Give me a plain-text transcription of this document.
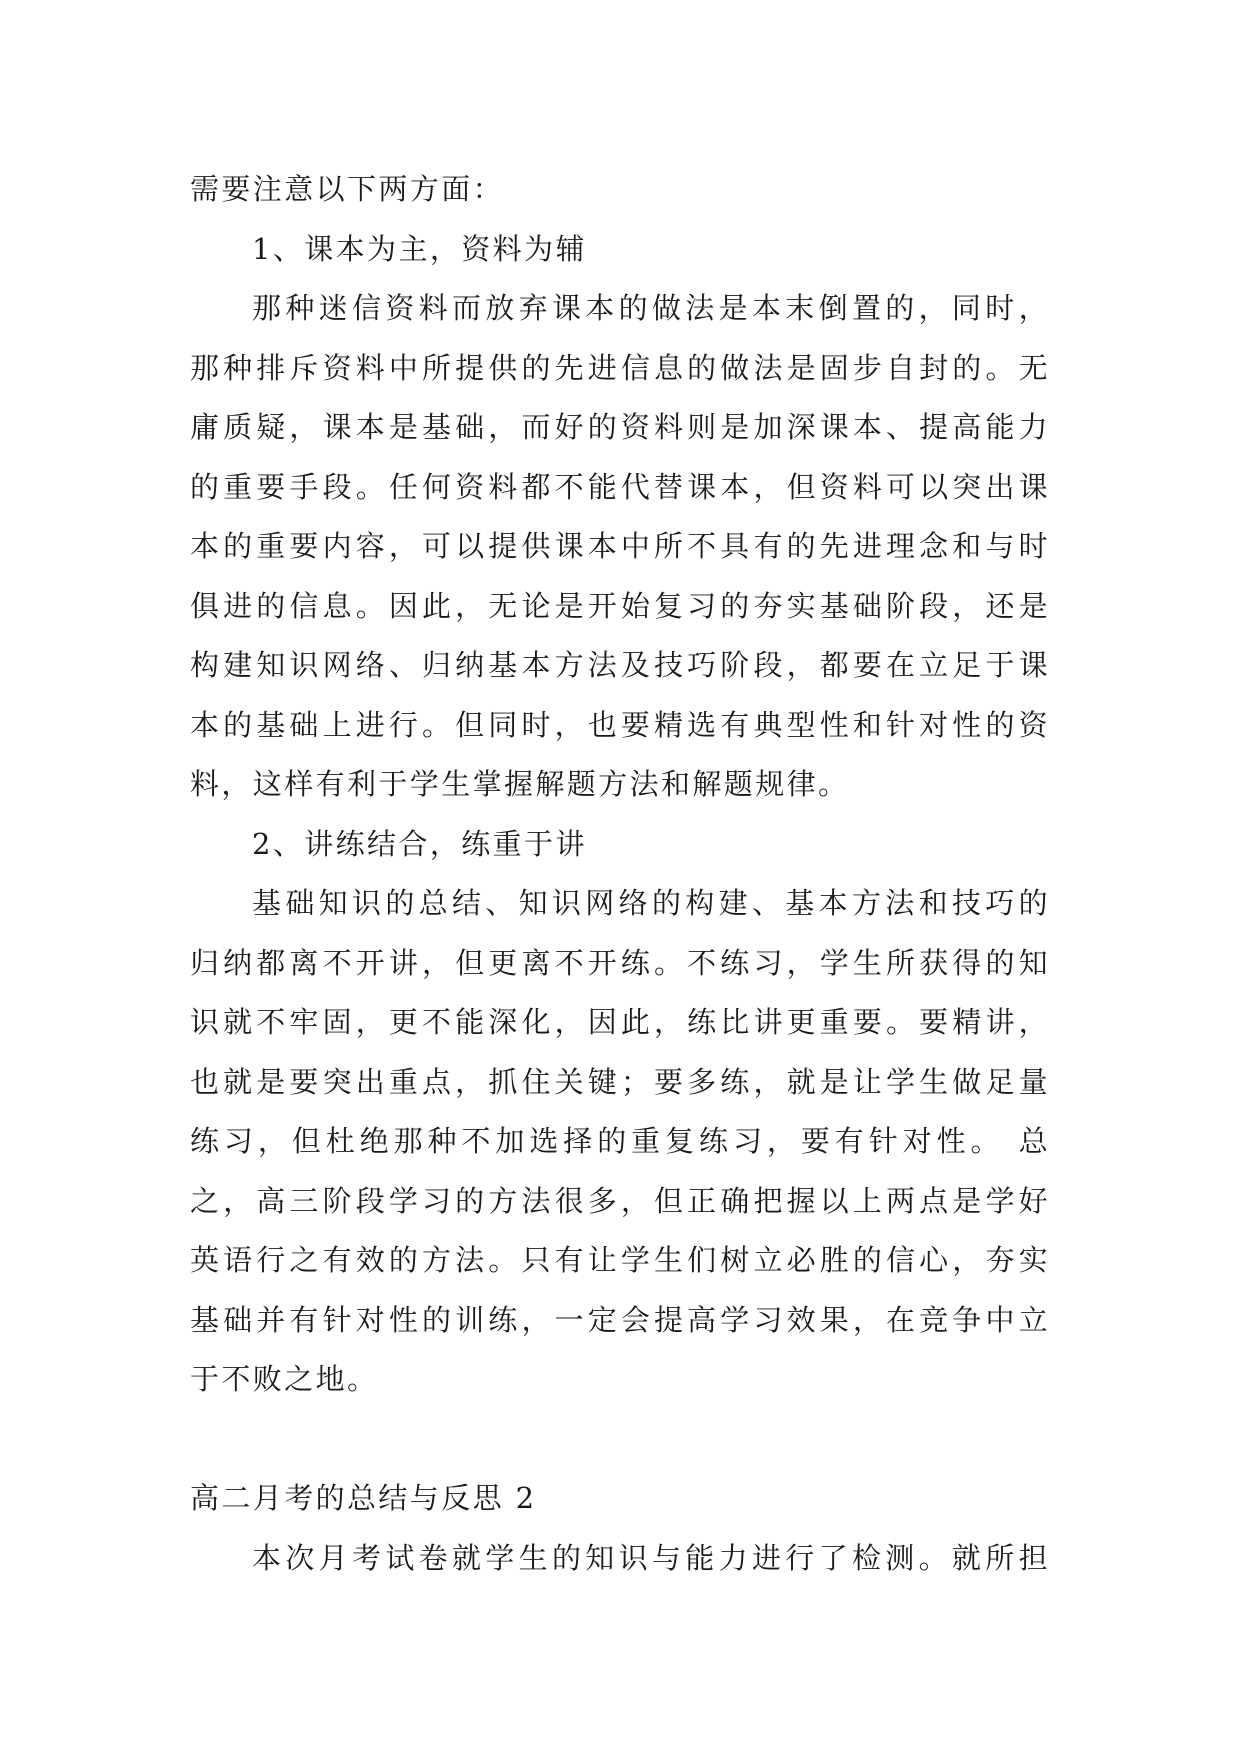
需要注意以下两方面：
1、课本为主，资料为辅
那种迷信资料而放弃课本的做法是本末倒置的，同时，
那种排斥资料中所提供的先进信息的做法是固步自封的。无
庸质疑，课本是基础，而好的资料则是加深课本、提高能力
的重要手段。任何资料都不能代替课本，但资料可以突出课
本的重要内容，可以提供课本中所不具有的先进理念和与时
俱进的信息。因此，无论是开始复习的夯实基础阶段，还是
构建知识网络、归纳基本方法及技巧阶段，都要在立足于课
本的基础上进行。但同时，也要精选有典型性和针对性的资
料，这样有利于学生掌握解题方法和解题规律。
2、讲练结合，练重于讲
基础知识的总结、知识网络的构建、基本方法和技巧的
归纳都离不开讲，但更离不开练。不练习，学生所获得的知
识就不牢固，更不能深化，因此，练比讲更重要。要精讲，
也就是要突出重点，抓住关键；要多练，就是让学生做足量
练习，但杜绝那种不加选择的重复练习，要有针对性。 总
之，高三阶段学习的方法很多，但正确把握以上两点是学好
英语行之有效的方法。只有让学生们树立必胜的信心，夯实
基础并有针对性的训练，一定会提高学习效果，在竞争中立
于不败之地。
高二月考的总结与反思 2
本次月考试卷就学生的知识与能力进行了检测。就所担
